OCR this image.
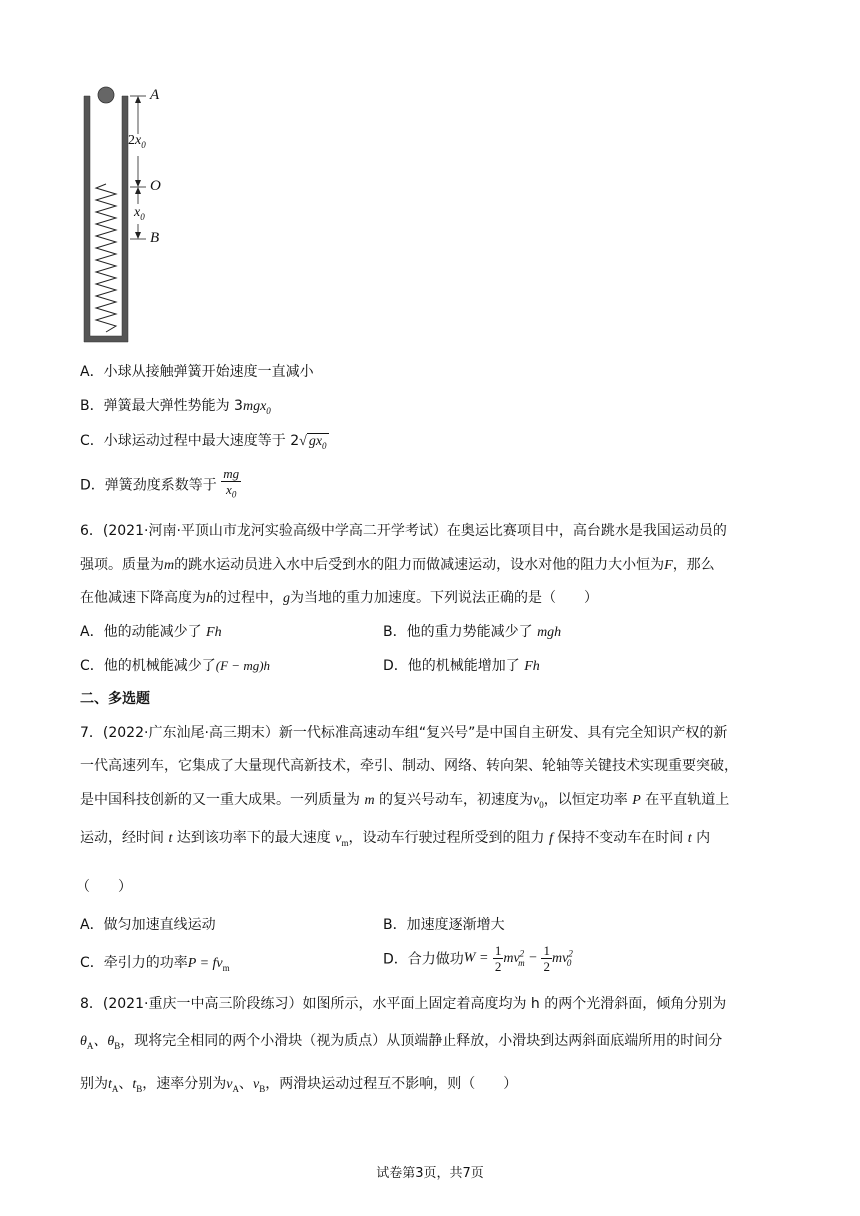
A
O
B
$2x_0$
$x_0$
A．小球从接触弹簧开始速度一直减小
B．弹簧最大弹性势能为 3mgx$_0$
C．小球运动过程中最大速度等于 2√ $gx_0$
D．弹簧劲度系数等于 $\frac{mg}{x_0}$
6．(2021·河南·平顶山市龙河实验高级中学高二开学考试）在奥运比赛项目中，高台跳水是我国运动员的
强项。质量为m的跳水运动员进入水中后受到水的阻力而做减速运动，设水对他的阻力大小恒为F，那么
在他减速下降高度为h的过程中，g为当地的重力加速度。下列说法正确的是（　　）
A．他的动能减少了 Fh	B．他的重力势能减少了 mgh
C．他的机械能减少了(F − mg)h	D．他的机械能增加了 Fh
二、多选题
7．(2022·广东汕尾·高三期末）新一代标准高速动车组“复兴号”是中国自主研发、具有完全知识产权的新
一代高速列车，它集成了大量现代高新技术，牵引、制动、网络、转向架、轮轴等关键技术实现重要突破，
是中国科技创新的又一重大成果。一列质量为 m 的复兴号动车，初速度为$v_0$，以恒定功率 P 在平直轨道上
运动，经时间 t 达到该功率下的最大速度 $v_m$，设动车行驶过程所受到的阻力 f 保持不变动车在时间 t 内
（　　）
A．做匀加速直线运动	B．加速度逐渐增大
C．牵引力的功率$P = fv_m$
D．合力做功$W = \frac{1}{2} mv^2_m - \frac{1}{2} mv^2_0$
8．(2021·重庆一中高三阶段练习）如图所示，水平面上固定着高度均为 h 的两个光滑斜面，倾角分别为
$\theta_A$、$\theta_B$，现将完全相同的两个小滑块（视为质点）从顶端静止释放，小滑块到达两斜面底端所用的时间分
别为$t_A$、$t_B$，速率分别为$v_A$、$v_B$，两滑块运动过程互不影响，则（　　）
试卷第3页，共7页
